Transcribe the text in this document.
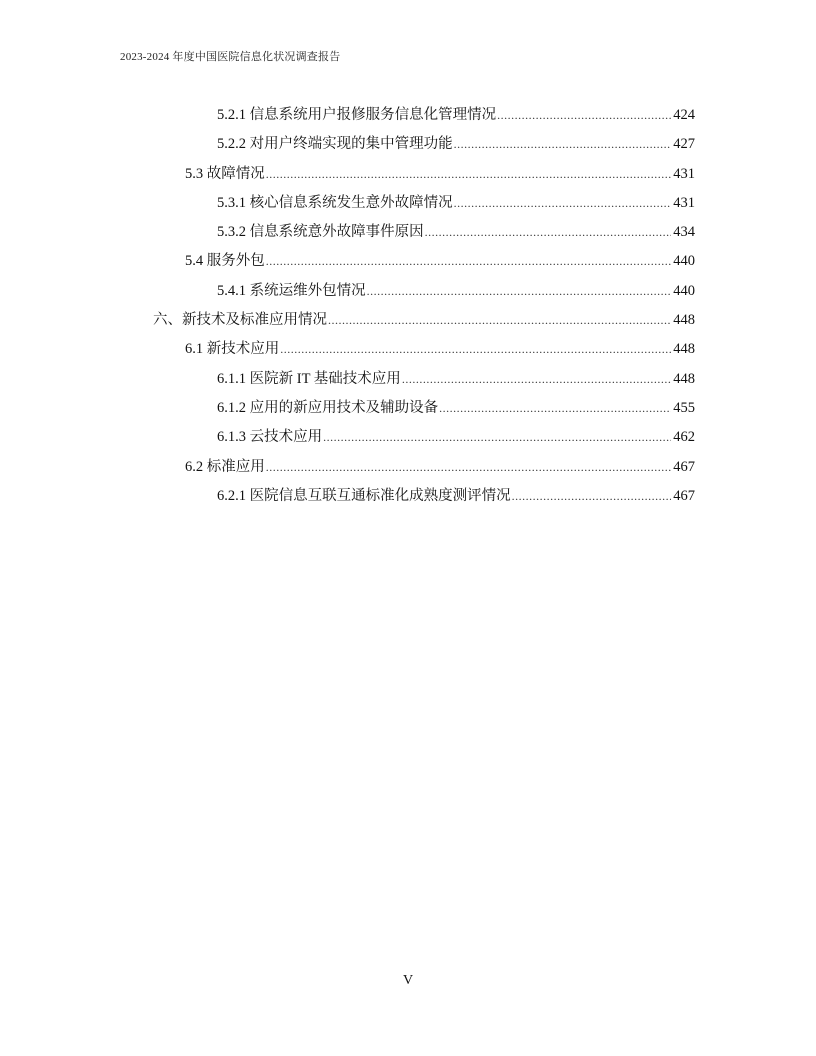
2023-2024 年度中国医院信息化状况调查报告
5.2.1 信息系统用户报修服务信息化管理情况 .....	424
5.2.2 对用户终端实现的集中管理功能 .....	427
5.3 故障情况 .....	431
5.3.1 核心信息系统发生意外故障情况 .....	431
5.3.2 信息系统意外故障事件原因 .....	434
5.4 服务外包 .....	440
5.4.1 系统运维外包情况 .....	440
六、新技术及标准应用情况 .....	448
6.1 新技术应用 .....	448
6.1.1 医院新 IT 基础技术应用 .....	448
6.1.2 应用的新应用技术及辅助设备 .....	455
6.1.3 云技术应用 .....	462
6.2 标准应用 .....	467
6.2.1 医院信息互联互通标准化成熟度测评情况 .....	467
V
